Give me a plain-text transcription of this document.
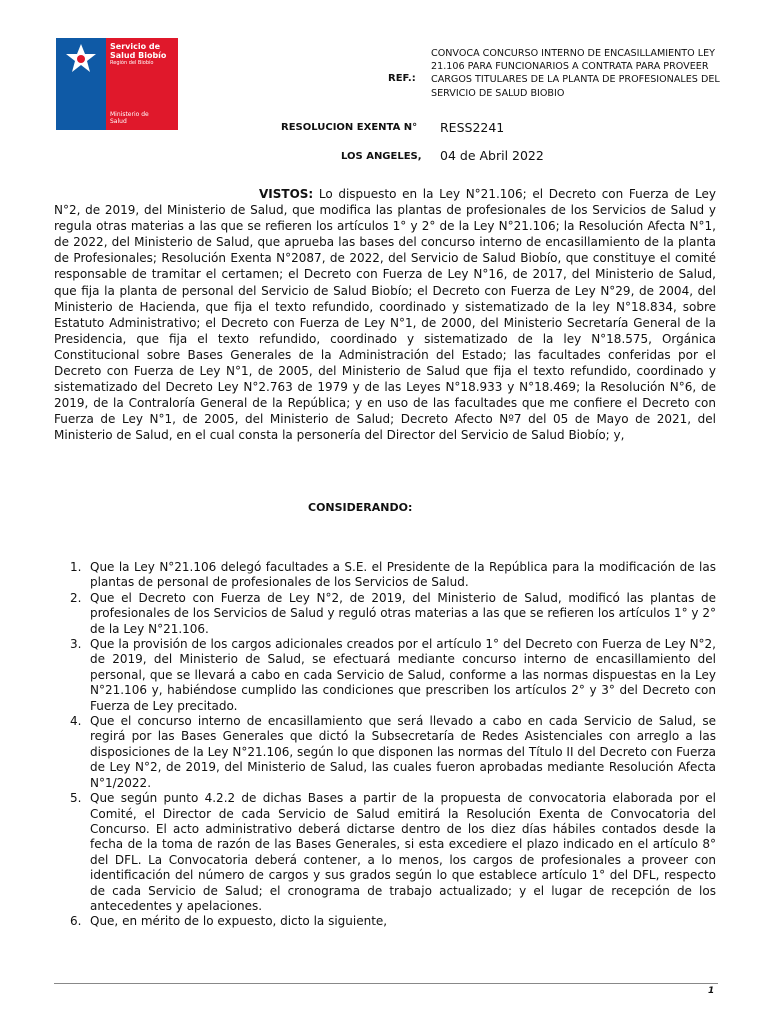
Servicio de
Salud Biobío
Región del Biobío
Ministerio de
Salud
REF.:
CONVOCA CONCURSO INTERNO DE ENCASILLAMIENTO LEY 21.106 PARA FUNCIONARIOS A CONTRATA PARA PROVEER CARGOS TITULARES DE LA PLANTA DE PROFESIONALES DEL SERVICIO DE SALUD BIOBIO
RESOLUCION EXENTA N° RESS2241
LOS ANGELES, 04 de Abril 2022
VISTOS: Lo dispuesto en la Ley N°21.106; el Decreto con Fuerza de Ley N°2, de 2019, del Ministerio de Salud, que modifica las plantas de profesionales de los Servicios de Salud y regula otras materias a las que se refieren los artículos 1° y 2° de la Ley N°21.106; la Resolución Afecta N°1, de 2022, del Ministerio de Salud, que aprueba las bases del concurso interno de encasillamiento de la planta de Profesionales; Resolución Exenta N°2087, de 2022, del Servicio de Salud Biobío, que constituye el comité responsable de tramitar el certamen; el Decreto con Fuerza de Ley N°16, de 2017, del Ministerio de Salud, que fija la planta de personal del Servicio de Salud Biobío; el Decreto con Fuerza de Ley N°29, de 2004, del Ministerio de Hacienda, que fija el texto refundido, coordinado y sistematizado de la ley N°18.834, sobre Estatuto Administrativo; el Decreto con Fuerza de Ley N°1, de 2000, del Ministerio Secretaría General de la Presidencia, que fija el texto refundido, coordinado y sistematizado de la ley N°18.575, Orgánica Constitucional sobre Bases Generales de la Administración del Estado; las facultades conferidas por el Decreto con Fuerza de Ley N°1, de 2005, del Ministerio de Salud que fija el texto refundido, coordinado y sistematizado del Decreto Ley N°2.763 de 1979 y de las Leyes N°18.933 y N°18.469; la Resolución N°6, de 2019, de la Contraloría General de la República; y en uso de las facultades que me confiere el Decreto con Fuerza de Ley N°1, de 2005, del Ministerio de Salud; Decreto Afecto Nº7 del 05 de Mayo de 2021, del Ministerio de Salud, en el cual consta la personería del Director del Servicio de Salud Biobío; y,
CONSIDERANDO:
1. Que la Ley N°21.106 delegó facultades a S.E. el Presidente de la República para la modificación de las plantas de personal de profesionales de los Servicios de Salud.
2. Que el Decreto con Fuerza de Ley N°2, de 2019, del Ministerio de Salud, modificó las plantas de profesionales de los Servicios de Salud y reguló otras materias a las que se refieren los artículos 1° y 2° de la Ley N°21.106.
3. Que la provisión de los cargos adicionales creados por el artículo 1° del Decreto con Fuerza de Ley N°2, de 2019, del Ministerio de Salud, se efectuará mediante concurso interno de encasillamiento del personal, que se llevará a cabo en cada Servicio de Salud, conforme a las normas dispuestas en la Ley N°21.106 y, habiéndose cumplido las condiciones que prescriben los artículos 2° y 3° del Decreto con Fuerza de Ley precitado.
4. Que el concurso interno de encasillamiento que será llevado a cabo en cada Servicio de Salud, se regirá por las Bases Generales que dictó la Subsecretaría de Redes Asistenciales con arreglo a las disposiciones de la Ley N°21.106, según lo que disponen las normas del Título II del Decreto con Fuerza de Ley N°2, de 2019, del Ministerio de Salud, las cuales fueron aprobadas mediante Resolución Afecta N°1/2022.
5. Que según punto 4.2.2 de dichas Bases a partir de la propuesta de convocatoria elaborada por el Comité, el Director de cada Servicio de Salud emitirá la Resolución Exenta de Convocatoria del Concurso. El acto administrativo deberá dictarse dentro de los diez días hábiles contados desde la fecha de la toma de razón de las Bases Generales, si esta excediere el plazo indicado en el artículo 8° del DFL. La Convocatoria deberá contener, a lo menos, los cargos de profesionales a proveer con identificación del número de cargos y sus grados según lo que establece artículo 1° del DFL, respecto de cada Servicio de Salud; el cronograma de trabajo actualizado; y el lugar de recepción de los antecedentes y apelaciones.
6. Que, en mérito de lo expuesto, dicto la siguiente,
1
